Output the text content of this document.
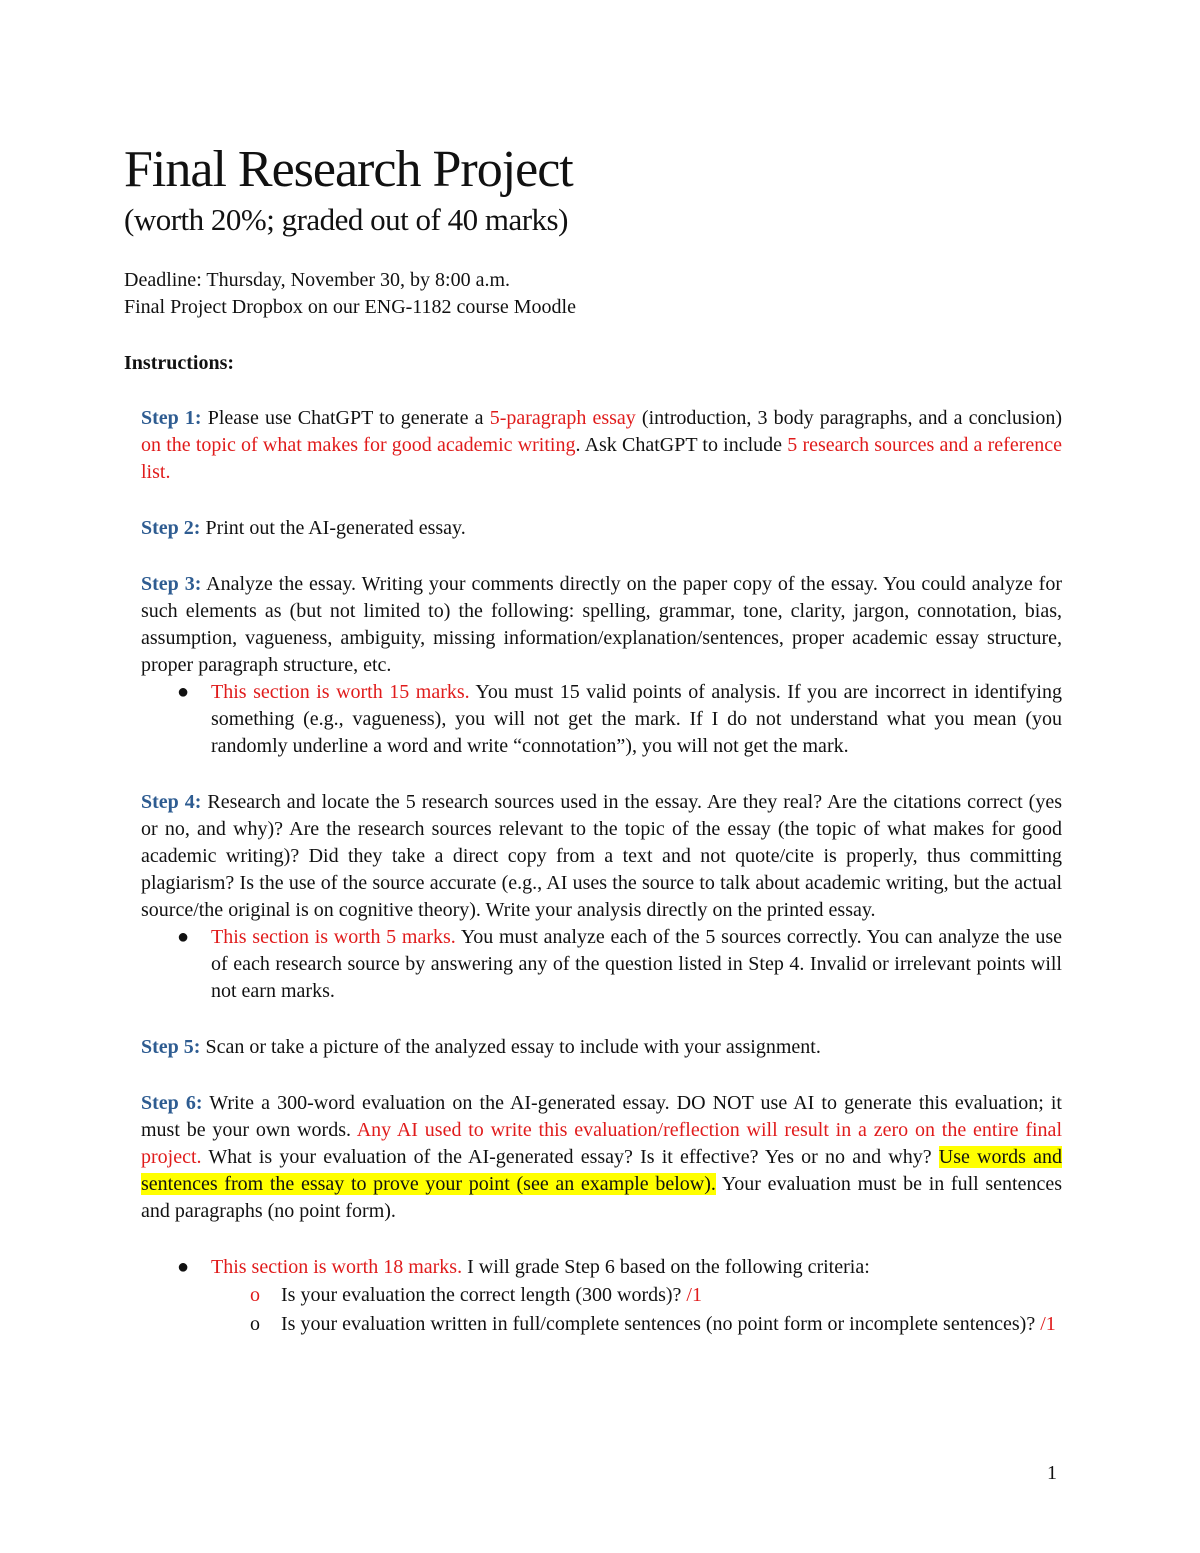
Final Research Project
(worth 20%; graded out of 40 marks)
Deadline: Thursday, November 30, by 8:00 a.m.
Final Project Dropbox on our ENG-1182 course Moodle
Instructions:

Step 1: Please use ChatGPT to generate a 5-paragraph essay (introduction, 3 body paragraphs, and a conclusion) on the topic of what makes for good academic writing. Ask ChatGPT to include 5 research sources and a reference list.

Step 2: Print out the AI-generated essay.

Step 3: Analyze the essay. Writing your comments directly on the paper copy of the essay. You could analyze for such elements as (but not limited to) the following: spelling, grammar, tone, clarity, jargon, connotation, bias, assumption, vagueness, ambiguity, missing information/explanation/sentences, proper academic essay structure, proper paragraph structure, etc.

● This section is worth 15 marks. You must 15 valid points of analysis. If you are incorrect in identifying something (e.g., vagueness), you will not get the mark. If I do not understand what you mean (you randomly underline a word and write “connotation”), you will not get the mark.

Step 4: Research and locate the 5 research sources used in the essay. Are they real? Are the citations correct (yes or no, and why)? Are the research sources relevant to the topic of the essay (the topic of what makes for good academic writing)? Did they take a direct copy from a text and not quote/cite is properly, thus committing plagiarism? Is the use of the source accurate (e.g., AI uses the source to talk about academic writing, but the actual source/the original is on cognitive theory). Write your analysis directly on the printed essay.

● This section is worth 5 marks. You must analyze each of the 5 sources correctly. You can analyze the use of each research source by answering any of the question listed in Step 4. Invalid or irrelevant points will not earn marks.

Step 5: Scan or take a picture of the analyzed essay to include with your assignment.

Step 6: Write a 300-word evaluation on the AI-generated essay. DO NOT use AI to generate this evaluation; it must be your own words. Any AI used to write this evaluation/reflection will result in a zero on the entire final project. What is your evaluation of the AI-generated essay? Is it effective? Yes or no and why? Use words and sentences from the essay to prove your point (see an example below). Your evaluation must be in full sentences and paragraphs (no point form).

● This section is worth 18 marks. I will grade Step 6 based on the following criteria:
o Is your evaluation the correct length (300 words)? /1
o Is your evaluation written in full/complete sentences (no point form or incomplete sentences)? /1
1
